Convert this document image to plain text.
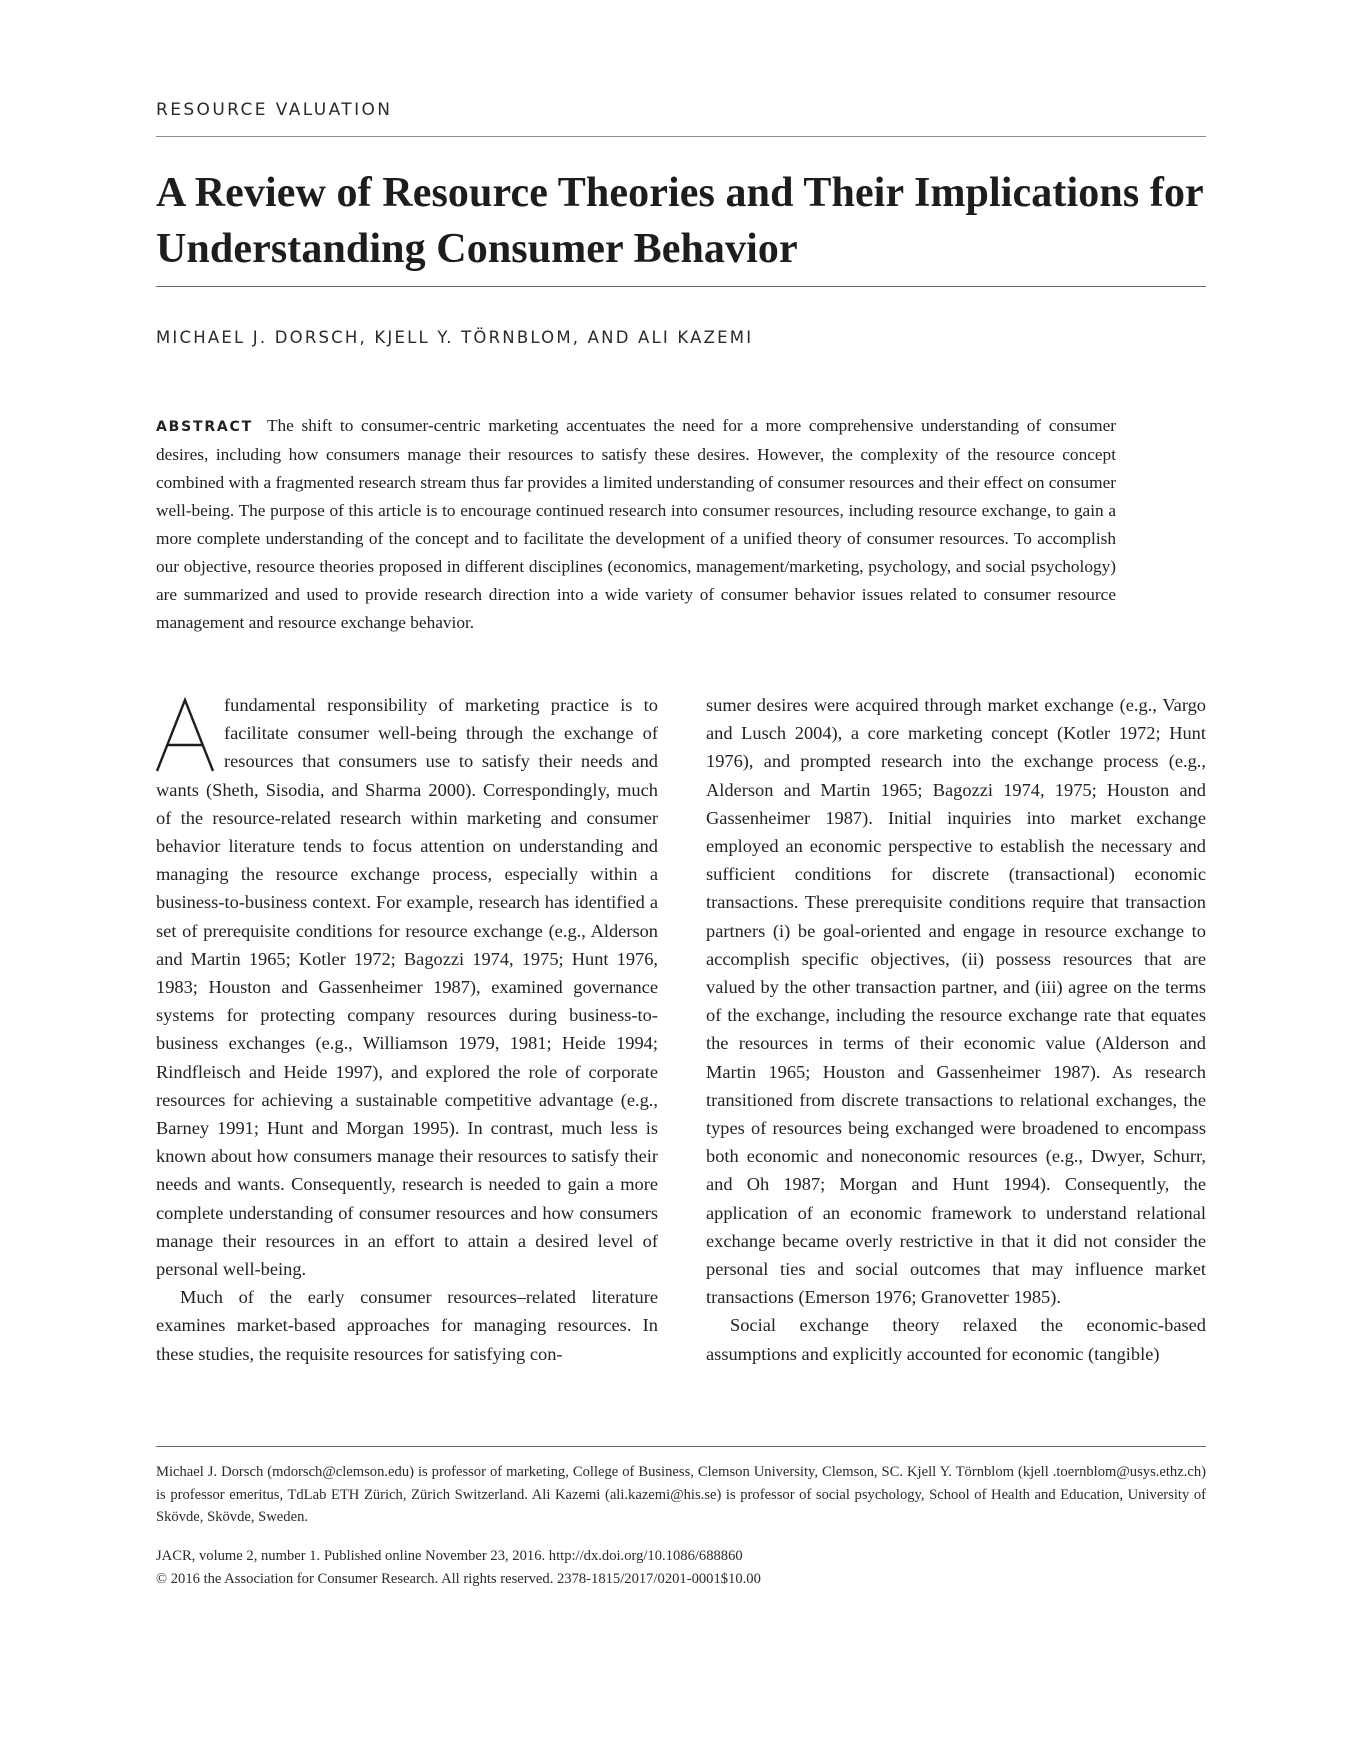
RESOURCE VALUATION
A Review of Resource Theories and Their Implications for Understanding Consumer Behavior
MICHAEL J. DORSCH, KJELL Y. TÖRNBLOM, AND ALI KAZEMI
ABSTRACT The shift to consumer-centric marketing accentuates the need for a more comprehensive understanding of consumer desires, including how consumers manage their resources to satisfy these desires. However, the complexity of the resource concept combined with a fragmented research stream thus far provides a limited understanding of consumer resources and their effect on consumer well-being. The purpose of this article is to encourage continued research into consumer resources, including resource exchange, to gain a more complete understanding of the concept and to facilitate the development of a unified theory of consumer resources. To accomplish our objective, resource theories proposed in different disciplines (economics, management/marketing, psychology, and social psychology) are summarized and used to provide research direction into a wide variety of consumer behavior issues related to consumer resource management and resource exchange behavior.

fundamental responsibility of marketing practice is to facilitate consumer well-being through the exchange of resources that consumers use to satisfy their needs and wants (Sheth, Sisodia, and Sharma 2000). Correspondingly, much of the resource-related research within marketing and consumer behavior literature tends to focus attention on understanding and managing the resource exchange process, especially within a business-to-business context. For example, research has identified a set of prerequisite conditions for resource exchange (e.g., Alderson and Martin 1965; Kotler 1972; Bagozzi 1974, 1975; Hunt 1976, 1983; Houston and Gassenheimer 1987), examined governance systems for protecting company resources during business-to-business exchanges (e.g., Williamson 1979, 1981; Heide 1994; Rindfleisch and Heide 1997), and explored the role of corporate resources for achieving a sustainable competitive advantage (e.g., Barney 1991; Hunt and Morgan 1995). In contrast, much less is known about how consumers manage their resources to satisfy their needs and wants. Consequently, research is needed to gain a more complete understanding of consumer resources and how consumers manage their resources in an effort to attain a desired level of personal well-being.

Much of the early consumer resources–related literature examines market-based approaches for managing resources. In these studies, the requisite resources for satisfying con-

sumer desires were acquired through market exchange (e.g., Vargo and Lusch 2004), a core marketing concept (Kotler 1972; Hunt 1976), and prompted research into the exchange process (e.g., Alderson and Martin 1965; Bagozzi 1974, 1975; Houston and Gassenheimer 1987). Initial inquiries into market exchange employed an economic perspective to establish the necessary and sufficient conditions for discrete (transactional) economic transactions. These prerequisite conditions require that transaction partners (i) be goal-oriented and engage in resource exchange to accomplish specific objectives, (ii) possess resources that are valued by the other transaction partner, and (iii) agree on the terms of the exchange, including the resource exchange rate that equates the resources in terms of their economic value (Alderson and Martin 1965; Houston and Gassenheimer 1987). As research transitioned from discrete transactions to relational exchanges, the types of resources being exchanged were broadened to encompass both economic and noneconomic resources (e.g., Dwyer, Schurr, and Oh 1987; Morgan and Hunt 1994). Consequently, the application of an economic framework to understand relational exchange became overly restrictive in that it did not consider the personal ties and social outcomes that may influence market transactions (Emerson 1976; Granovetter 1985).

Social exchange theory relaxed the economic-based assumptions and explicitly accounted for economic (tangible)

Michael J. Dorsch (mdorsch@clemson.edu) is professor of marketing, College of Business, Clemson University, Clemson, SC. Kjell Y. Törnblom (kjell .toernblom@usys.ethz.ch) is professor emeritus, TdLab ETH Zürich, Zürich Switzerland. Ali Kazemi (ali.kazemi@his.se) is professor of social psychology, School of Health and Education, University of Skövde, Skövde, Sweden.
JACR, volume 2, number 1. Published online November 23, 2016. http://dx.doi.org/10.1086/688860
© 2016 the Association for Consumer Research. All rights reserved. 2378-1815/2017/0201-0001$10.00
